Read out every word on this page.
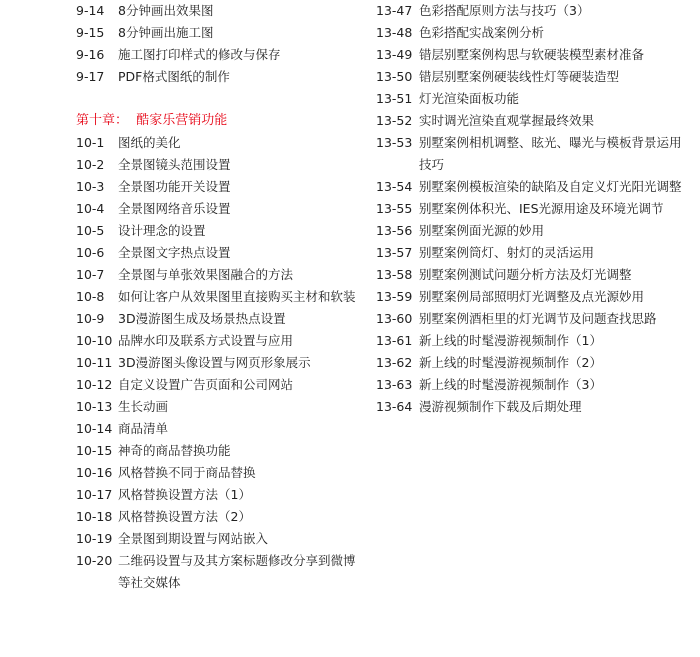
9-14	8分钟画出效果图
9-15	8分钟画出施工图
9-16	施工图打印样式的修改与保存
9-17	PDF格式图纸的制作
第十章：  酷家乐营销功能
10-1	图纸的美化
10-2	全景图镜头范围设置
10-3	全景图功能开关设置
10-4	全景图网络音乐设置
10-5	设计理念的设置
10-6	全景图文字热点设置
10-7	全景图与单张效果图融合的方法
10-8	如何让客户从效果图里直接购买主材和软装
10-9	3D漫游图生成及场景热点设置
10-10 品牌水印及联系方式设置与应用
10-11 3D漫游图头像设置与网页形象展示
10-12 自定义设置广告页面和公司网站
10-13 生长动画
10-14 商品清单
10-15 神奇的商品替换功能
10-16 风格替换不同于商品替换
10-17 风格替换设置方法（1）
10-18 风格替换设置方法（2）
10-19 全景图到期设置与网站嵌入
10-20 二维码设置与及其方案标题修改分享到微博等社交媒体
13-47 色彩搭配原则方法与技巧（3）
13-48 色彩搭配实战案例分析
13-49 错层别墅案例构思与软硬装模型素材准备
13-50 错层别墅案例硬装线性灯等硬装造型
13-51 灯光渲染面板功能
13-52 实时调光渲染直观掌握最终效果
13-53 别墅案例相机调整、眩光、曝光与模板背景运用技巧
13-54 别墅案例模板渲染的缺陷及自定义灯光阳光调整
13-55 别墅案例体积光、IES光源用途及环境光调节
13-56 别墅案例面光源的妙用
13-57 别墅案例筒灯、射灯的灵活运用
13-58 别墅案例测试问题分析方法及灯光调整
13-59 别墅案例局部照明灯光调整及点光源妙用
13-60 别墅案例酒柜里的灯光调节及问题查找思路
13-61 新上线的时髦漫游视频制作（1）
13-62 新上线的时髦漫游视频制作（2）
13-63 新上线的时髦漫游视频制作（3）
13-64 漫游视频制作下载及后期处理
